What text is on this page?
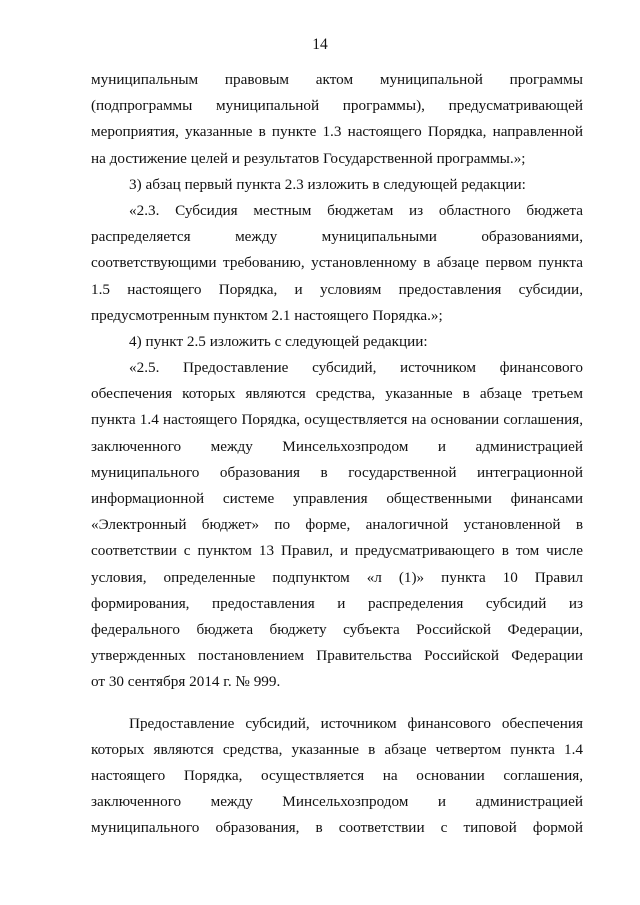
14
муниципальным правовым актом муниципальной программы
(подпрограммы муниципальной программы), предусматривающей
мероприятия, указанные в пункте 1.3 настоящего Порядка, направленной
на достижение целей и результатов Государственной программы.»;
3) абзац первый пункта 2.3 изложить в следующей редакции:
«2.3. Субсидия местным бюджетам из областного бюджета
распределяется между муниципальными образованиями,
соответствующими требованию, установленному в абзаце первом пункта
1.5 настоящего Порядка, и условиям предоставления субсидии,
предусмотренным пунктом 2.1 настоящего Порядка.»;
4) пункт 2.5 изложить с следующей редакции:
«2.5. Предоставление субсидий, источником финансового
обеспечения которых являются средства, указанные в абзаце третьем
пункта 1.4 настоящего Порядка, осуществляется на основании соглашения,
заключенного между Минсельхозпродом и администрацией
муниципального образования в государственной интеграционной
информационной системе управления общественными финансами
«Электронный бюджет» по форме, аналогичной установленной в
соответствии с пунктом 13 Правил, и предусматривающего в том числе
условия, определенные подпунктом «л (1)» пункта 10 Правил
формирования, предоставления и распределения субсидий из
федерального бюджета бюджету субъекта Российской Федерации,
утвержденных постановлением Правительства Российской Федерации
от 30 сентября 2014 г. № 999.
Предоставление субсидий, источником финансового обеспечения
которых являются средства, указанные в абзаце четвертом пункта 1.4
настоящего Порядка, осуществляется на основании соглашения,
заключенного между Минсельхозпродом и администрацией
муниципального образования, в соответствии с типовой формой
